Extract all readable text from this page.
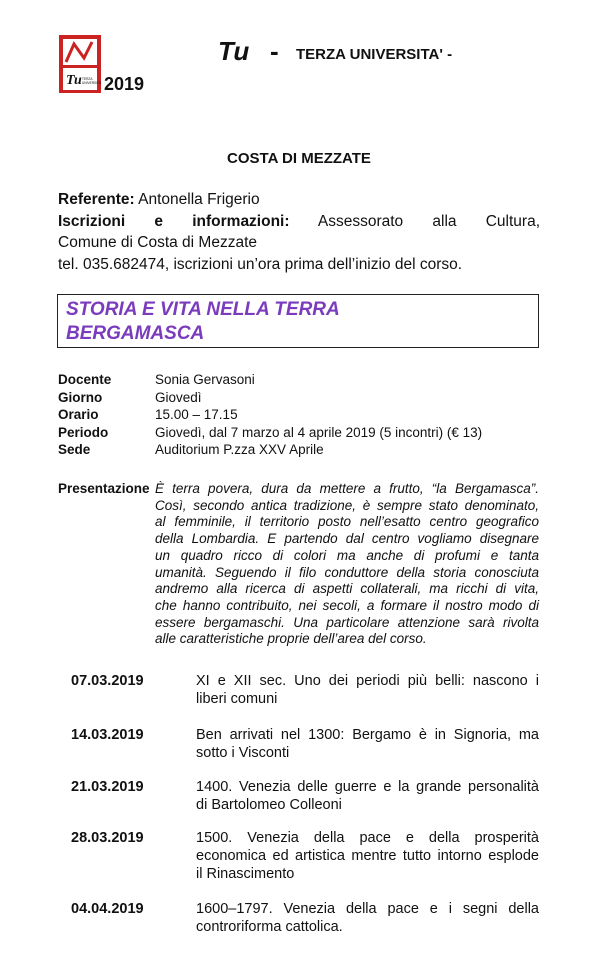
Tu TERZA
UNIVERSITÀ 2019
Tu - TERZA UNIVERSITA' -
COSTA DI MEZZATE
Referente: Antonella Frigerio
Iscrizioni e informazioni: Assessorato alla Cultura,
Comune di Costa di Mezzate
tel. 035.682474, iscrizioni un’ora prima dell’inizio del corso.
STORIA E VITA NELLA TERRA
BERGAMASCA
Docente	Sonia Gervasoni
Giorno	Giovedì
Orario	15.00 – 17.15
Periodo	Giovedì, dal 7 marzo al 4 aprile 2019 (5 incontri) (€ 13)
Sede	Auditorium P.zza XXV Aprile
Presentazione È terra povera, dura da mettere a frutto, “la Bergamasca”.
Così, secondo antica tradizione, è sempre stato denominato,
al femminile, il territorio posto nell’esatto centro geografico
della Lombardia. E partendo dal centro vogliamo disegnare
un quadro ricco di colori ma anche di profumi e tanta
umanità. Seguendo il filo conduttore della storia conosciuta
andremo alla ricerca di aspetti collaterali, ma ricchi di vita,
che hanno contribuito, nei secoli, a formare il nostro modo di
essere bergamaschi. Una particolare attenzione sarà rivolta
alle caratteristiche proprie dell’area del corso.
07.03.2019	XI e XII sec. Uno dei periodi più belli: nascono i
liberi comuni
14.03.2019	Ben arrivati nel 1300: Bergamo è in Signoria, ma
sotto i Visconti
21.03.2019	1400. Venezia delle guerre e la grande personalità
di Bartolomeo Colleoni
28.03.2019	1500. Venezia della pace e della prosperità
economica ed artistica mentre tutto intorno esplode
il Rinascimento
04.04.2019	1600–1797. Venezia della pace e i segni della
controriforma cattolica.
